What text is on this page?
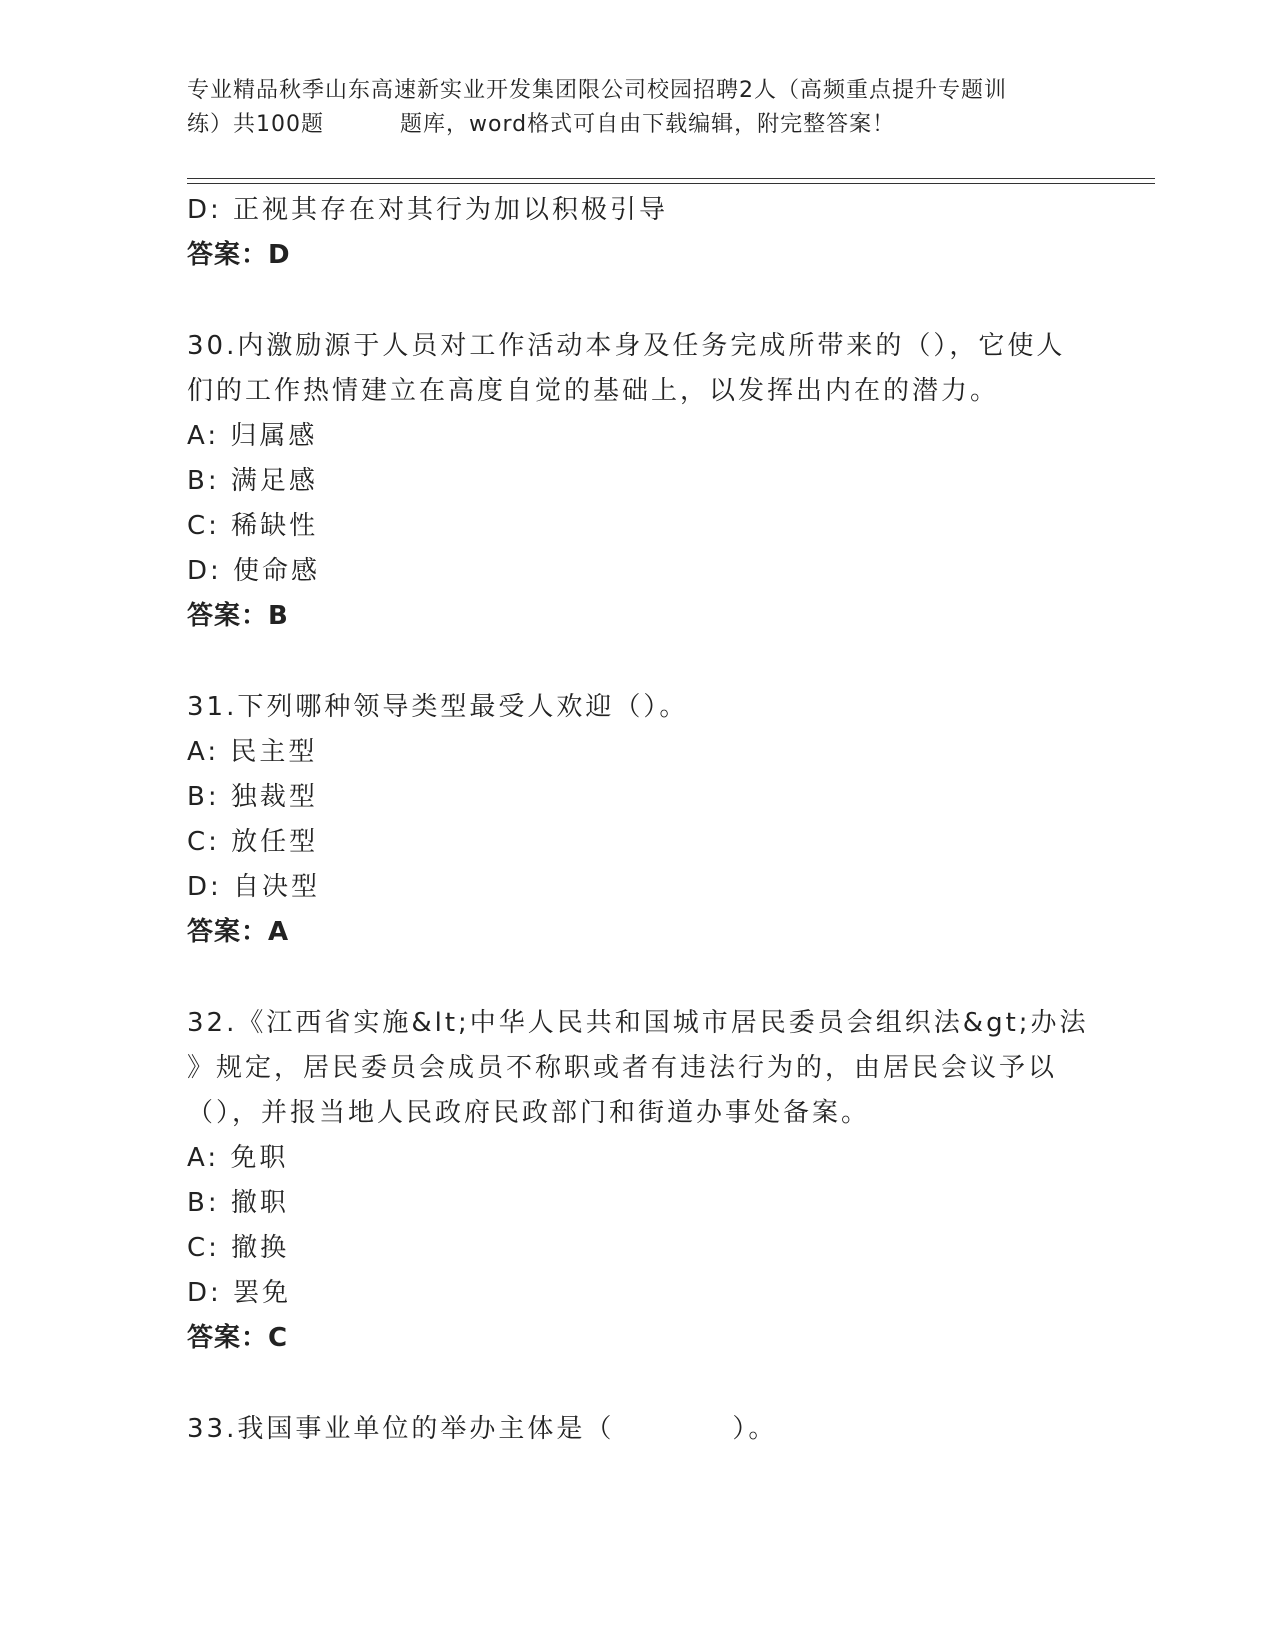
专业精品秋季山东高速新实业开发集团限公司校园招聘2人（高频重点提升专题训
练）共100题	题库，word格式可自由下载编辑，附完整答案！
D: 正视其存在对其行为加以积极引导
答案：D
30.内激励源于人员对工作活动本身及任务完成所带来的（），它使人
们的工作热情建立在高度自觉的基础上，以发挥出内在的潜力。
A: 归属感
B: 满足感
C: 稀缺性
D: 使命感
答案：B
31.下列哪种领导类型最受人欢迎（）。
A: 民主型
B: 独裁型
C: 放任型
D: 自决型
答案：A
32.《江西省实施&lt;中华人民共和国城市居民委员会组织法&gt;办法
》规定，居民委员会成员不称职或者有违法行为的，由居民会议予以
（），并报当地人民政府民政部门和街道办事处备案。
A: 免职
B: 撤职
C: 撤换
D: 罢免
答案：C
33.我国事业单位的举办主体是（	）。
